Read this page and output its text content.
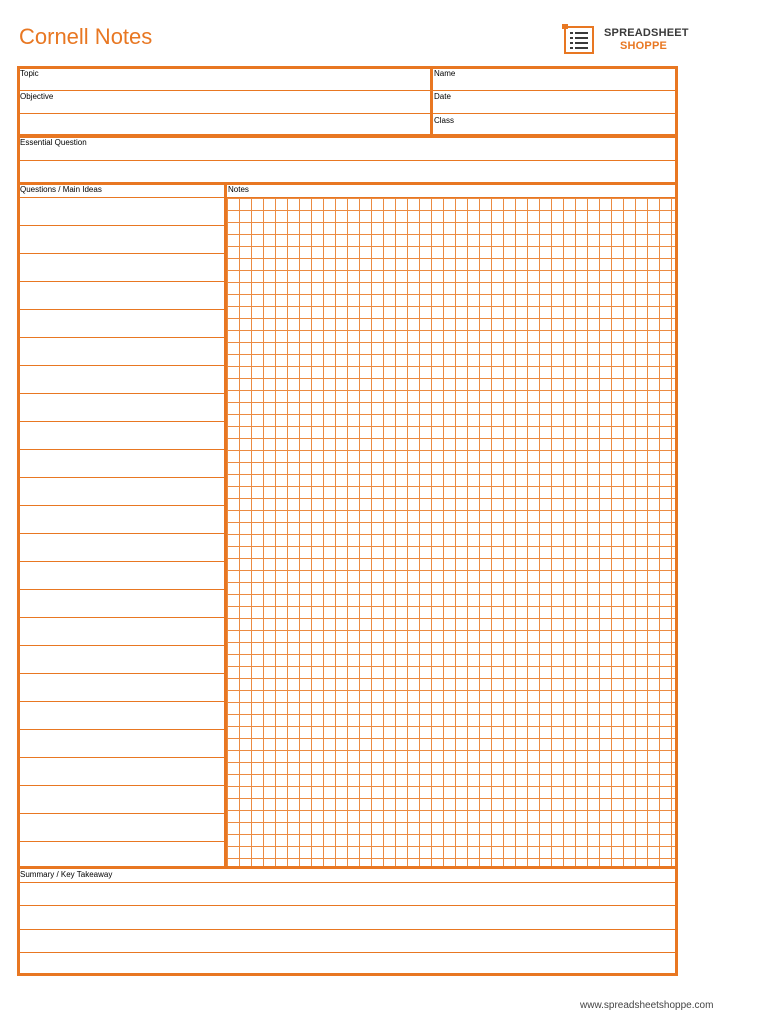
Cornell Notes	SPREADSHEET
SHOPPE
Topic
Objective
Name
Date
Class
Essential Question
Questions / Main Ideas	Notes
Summary / Key Takeaway
www.spreadsheetshoppe.com
